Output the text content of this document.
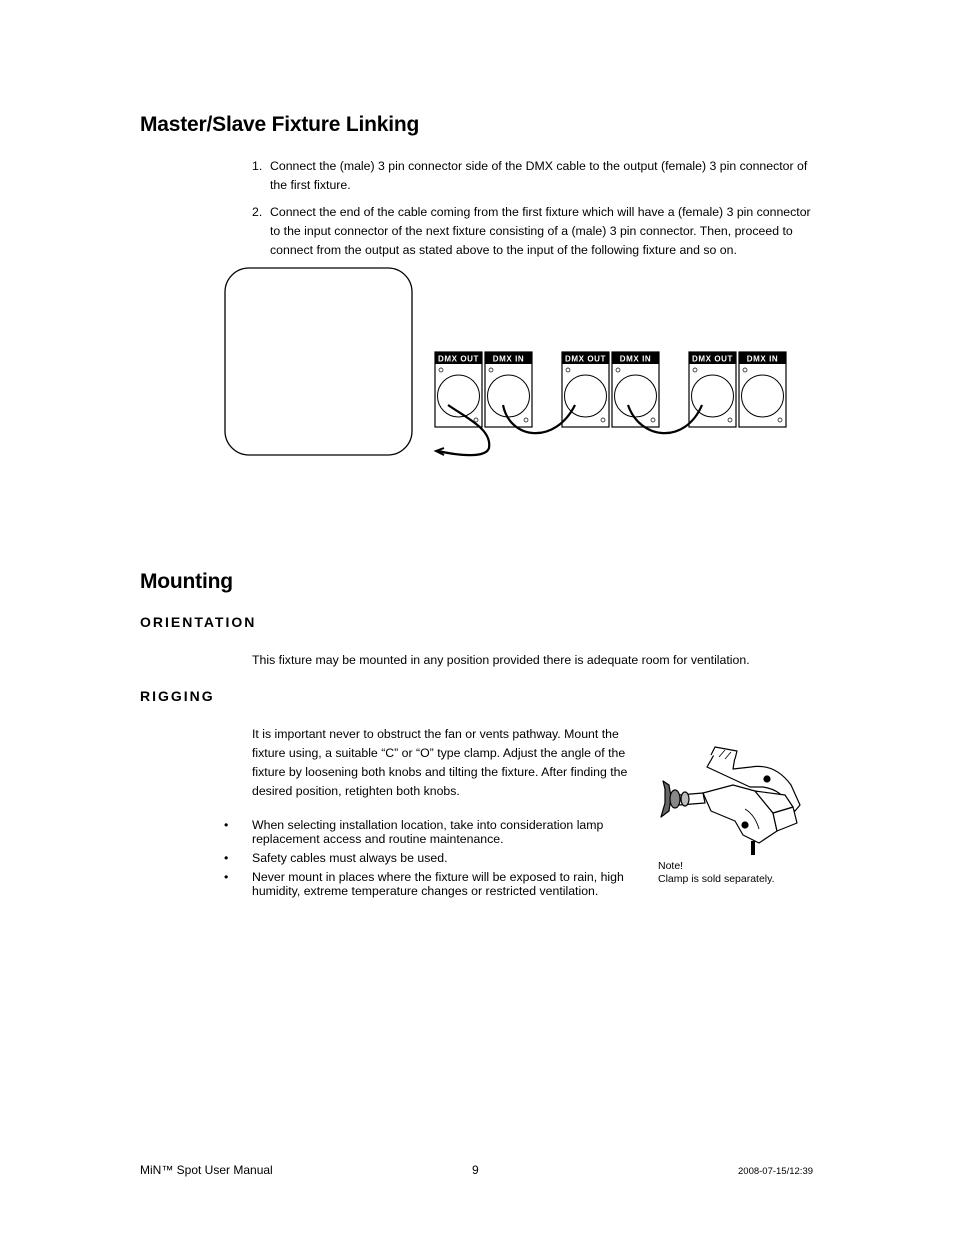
Master/Slave Fixture Linking
1. Connect the (male) 3 pin connector side of the DMX cable to the output (female) 3 pin connector of the first fixture.
2. Connect the end of the cable coming from the first fixture which will have a (female) 3 pin connector to the input connector of the next fixture consisting of a (male) 3 pin connector. Then, proceed to connect from the output as stated above to the input of the following fixture and so on.
DMX OUT DMX IN	DMX OUT DMX IN	DMX OUT DMX IN
Mounting
ORIENTATION
This fixture may be mounted in any position provided there is adequate room for ventilation.
RIGGING
It is important never to obstruct the fan or vents pathway. Mount the fixture using, a suitable “C” or “O” type clamp. Adjust the angle of the fixture by loosening both knobs and tilting the fixture. After finding the desired position, retighten both knobs.
• When selecting installation location, take into consideration lamp replacement access and routine maintenance.
• Safety cables must always be used.
• Never mount in places where the fixture will be exposed to rain, high humidity, extreme temperature changes or restricted ventilation.
Note!
Clamp is sold separately.
MiN™ Spot User Manual	9	2008-07-15/12:39
